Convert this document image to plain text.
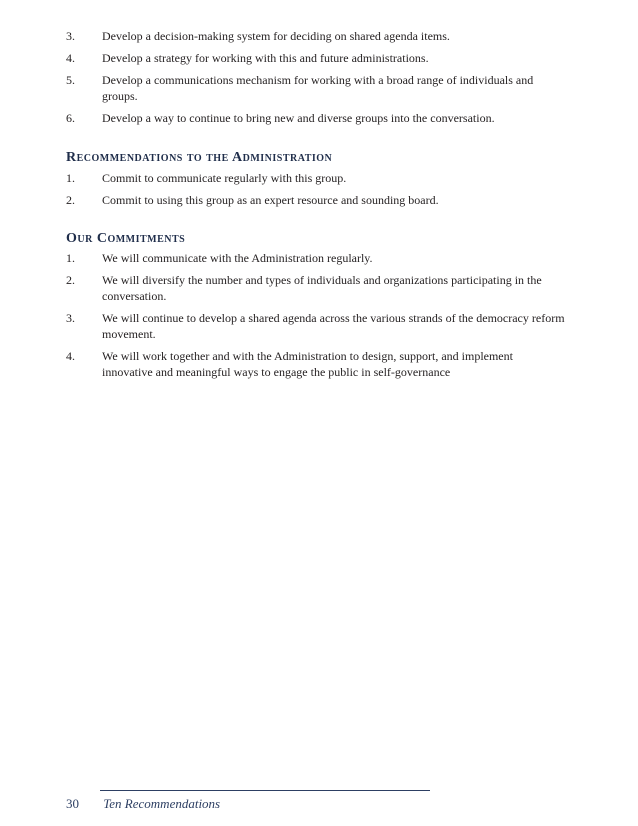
3.	Develop a decision-making system for deciding on shared agenda items.
4.	Develop a strategy for working with this and future administrations.
5.	Develop a communications mechanism for working with a broad range of individuals and groups.
6.	Develop a way to continue to bring new and diverse groups into the conversation.
Recommendations to the Administration
1.	Commit to communicate regularly with this group.
2.	Commit to using this group as an expert resource and sounding board.
Our Commitments
1.	We will communicate with the Administration regularly.
2.	We will diversify the number and types of individuals and organizations participating in the conversation.
3.	We will continue to develop a shared agenda across the various strands of the democracy reform movement.
4.	We will work together and with the Administration to design, support, and implement innovative and meaningful ways to engage the public in self-governance
30 Ten Recommendations
